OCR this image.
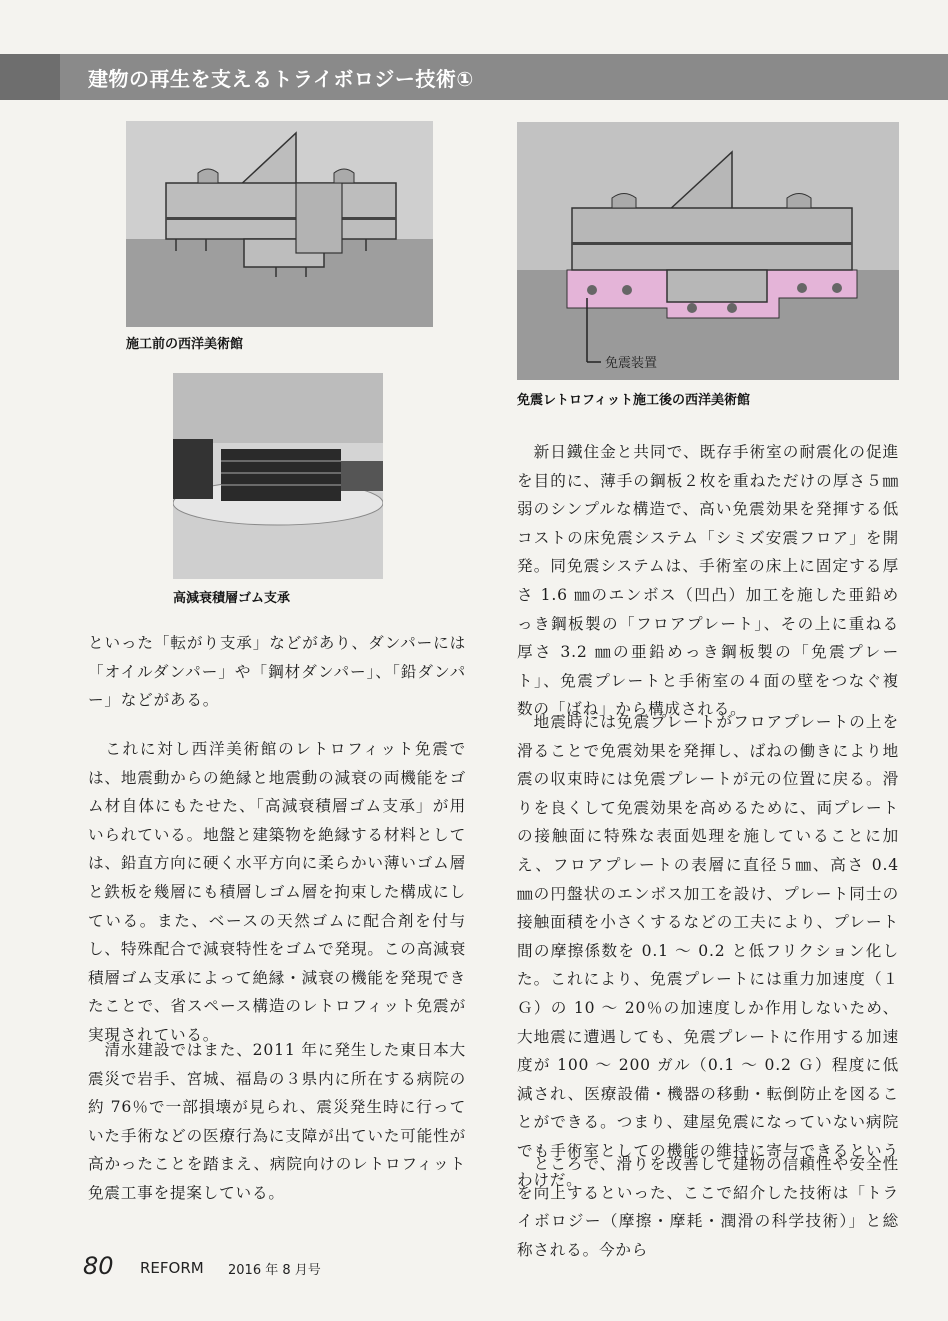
建物の再生を支えるトライボロジー技術①
施工前の西洋美術館
免震装置
免震レトロフィット施工後の西洋美術館
高減衰積層ゴム支承

といった「転がり支承」などがあり、ダンパーには「オイルダンパー」や「鋼材ダンパー」、「鉛ダンパー」などがある。

　これに対し西洋美術館のレトロフィット免震では、地震動からの絶縁と地震動の減衰の両機能をゴム材自体にもたせた、「高減衰積層ゴム支承」が用いられている。地盤と建築物を絶縁する材料としては、鉛直方向に硬く水平方向に柔らかい薄いゴム層と鉄板を幾層にも積層しゴム層を拘束した構成にしている。また、ベースの天然ゴムに配合剤を付与し、特殊配合で減衰特性をゴムで発現。この高減衰積層ゴム支承によって絶縁・減衰の機能を発現できたことで、省スペース構造のレトロフィット免震が実現されている。

　清水建設ではまた、2011 年に発生した東日本大震災で岩手、宮城、福島の３県内に所在する病院の約 76％で一部損壊が見られ、震災発生時に行っていた手術などの医療行為に支障が出ていた可能性が高かったことを踏まえ、病院向けのレトロフィット免震工事を提案している。

　新日鐵住金と共同で、既存手術室の耐震化の促進を目的に、薄手の鋼板２枚を重ねただけの厚さ５㎜弱のシンプルな構造で、高い免震効果を発揮する低コストの床免震システム「シミズ安震フロア」を開発。同免震システムは、手術室の床上に固定する厚さ 1.6 ㎜のエンボス（凹凸）加工を施した亜鉛めっき鋼板製の「フロアプレート」、その上に重ねる厚さ 3.2 ㎜の亜鉛めっき鋼板製の「免震プレート」、免震プレートと手術室の４面の壁をつなぐ複数の「ばね」から構成される。

　地震時には免震プレートがフロアプレートの上を滑ることで免震効果を発揮し、ばねの働きにより地震の収束時には免震プレートが元の位置に戻る。滑りを良くして免震効果を高めるために、両プレートの接触面に特殊な表面処理を施していることに加え、フロアプレートの表層に直径５㎜、高さ 0.4 ㎜の円盤状のエンボス加工を設け、プレート同士の接触面積を小さくするなどの工夫により、プレート間の摩擦係数を 0.1 ～ 0.2 と低フリクション化した。これにより、免震プレートには重力加速度（１Ｇ）の 10 ～ 20％の加速度しか作用しないため、大地震に遭遇しても、免震プレートに作用する加速度が 100 ～ 200 ガル（0.1 ～ 0.2 Ｇ）程度に低減され、医療設備・機器の移動・転倒防止を図ることができる。つまり、建屋免震になっていない病院でも手術室としての機能の維持に寄与できるというわけだ。

　ところで、滑りを改善して建物の信頼性や安全性を向上するといった、ここで紹介した技術は「トライボロジー（摩擦・摩耗・潤滑の科学技術）」と総称される。今から

80 REFORM 2016 年 8 月号
